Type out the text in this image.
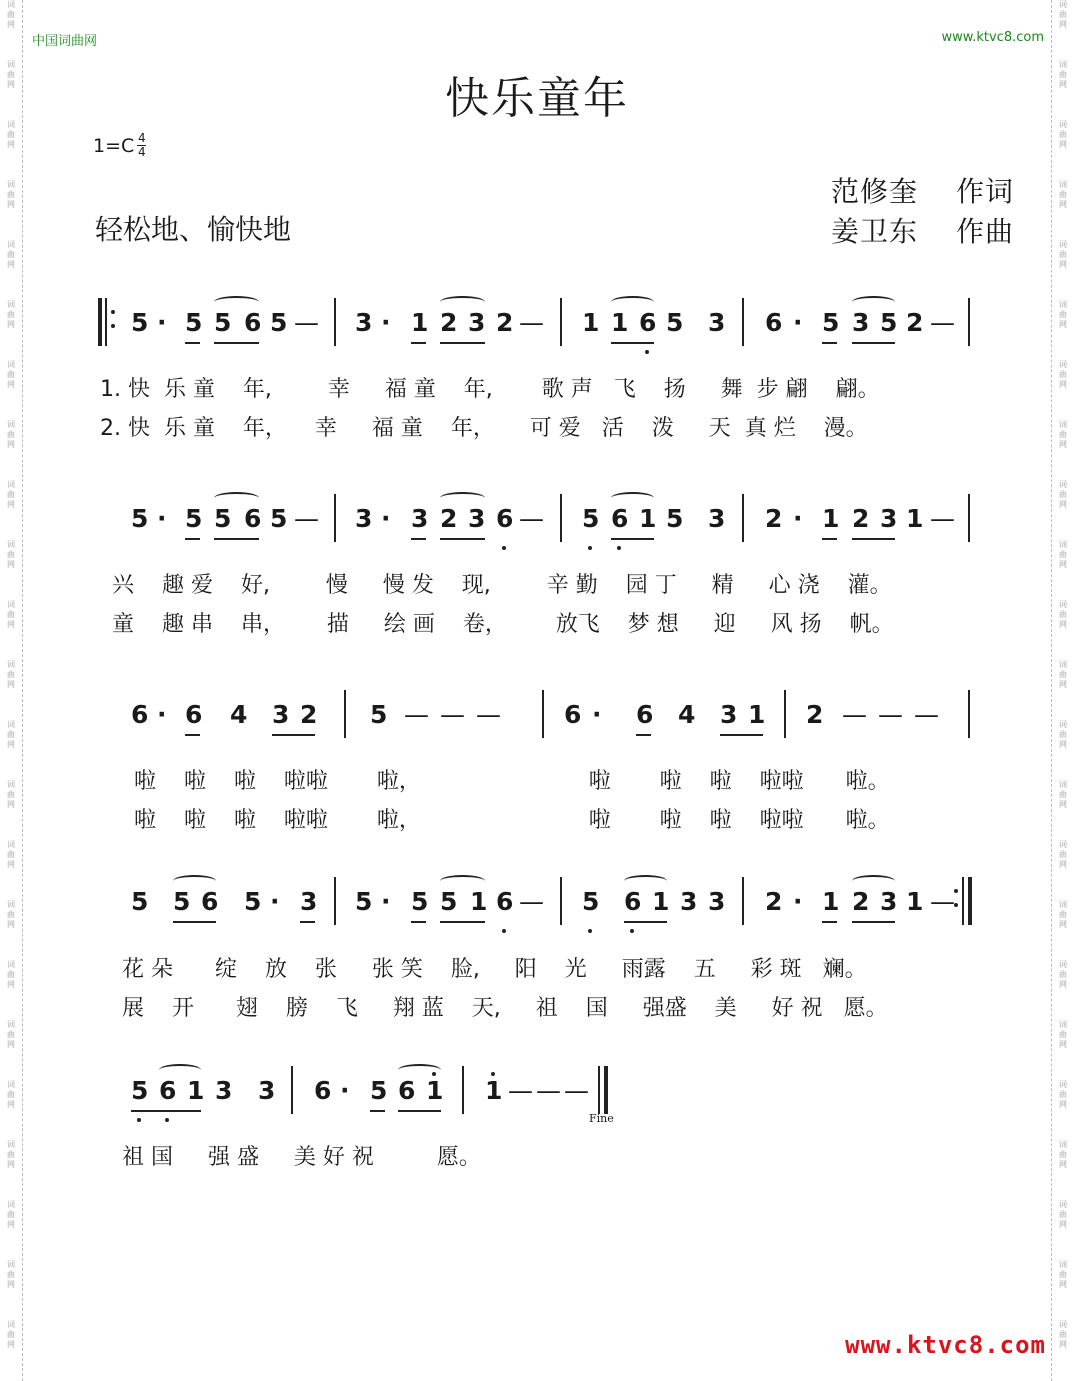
词
曲
网
词
曲
网
词
曲
网
词
曲
网
词
曲
网
词
曲
网
词
曲
网
词
曲
网
词
曲
网
词
曲
网
词
曲
网
词
曲
网
词
曲
网
词
曲
网
词
曲
网
词
曲
网
词
曲
网
词
曲
网
词
曲
网
词
曲
网
词
曲
网
词
曲
网
词
曲
网
词
曲
网
词
曲
网
词
曲
网
词
曲
网
词
曲
网
词
曲
网
词
曲
网
词
曲
网
词
曲
网
词
曲
网
词
曲
网
词
曲
网
词
曲
网
词
曲
网
词
曲
网
词
曲
网
词
曲
网
词
曲
网
词
曲
网
词
曲
网
词
曲
网
词
曲
网
词
曲
网
中国词曲网	www.ktvc8.com
快乐童年
1=C 4
4
轻松地、愉快地
范修奎 作词
姜卫东 作曲
5 · 5 5 6 5 — 3 · 1 2 3 2 — 1 1 6 5 3 6 · 5 3 5 2 —
1. 快  乐 童    年,        幸     福 童    年,       歌 声   飞    扬     舞  步 翩    翩。
2. 快  乐 童    年，    幸     福 童    年，     可 爱   活    泼     天  真 烂    漫。
5 · 5 5 6 5 — 3 · 3 2 3 6 — 5 6 1 5 3 2 · 1 2 3 1 —
兴    趣 爱    好,        慢     慢 发    现,        辛 勤    园 丁     精     心 浇    灌。
童    趣 串    串，      描     绘 画    卷，       放飞    梦 想     迎     风 扬    帆。
6 · 6 4 3 2 5 — — —	6 · 6 4 3 1 2 — — —
啦    啦    啦    啦啦       啦，                        啦       啦    啦    啦啦      啦。
啦    啦    啦    啦啦       啦，                        啦       啦    啦    啦啦      啦。
5 5 6 5 · 3 5 · 5 5 1 6 — 5 6 1 3 3 2 · 1 2 3 1 —
花 朵      绽    放    张     张 笑    脸,     阳    光     雨露    五     彩 斑   斓。
展    开      翅    膀    飞     翔 蓝    天,     祖    国     强盛    美     好 祝   愿。
5 6 1 3 3 6 · 5 6 1 1 — — —
Fine
祖 国     强 盛     美 好 祝         愿。
www.ktvc8.com
